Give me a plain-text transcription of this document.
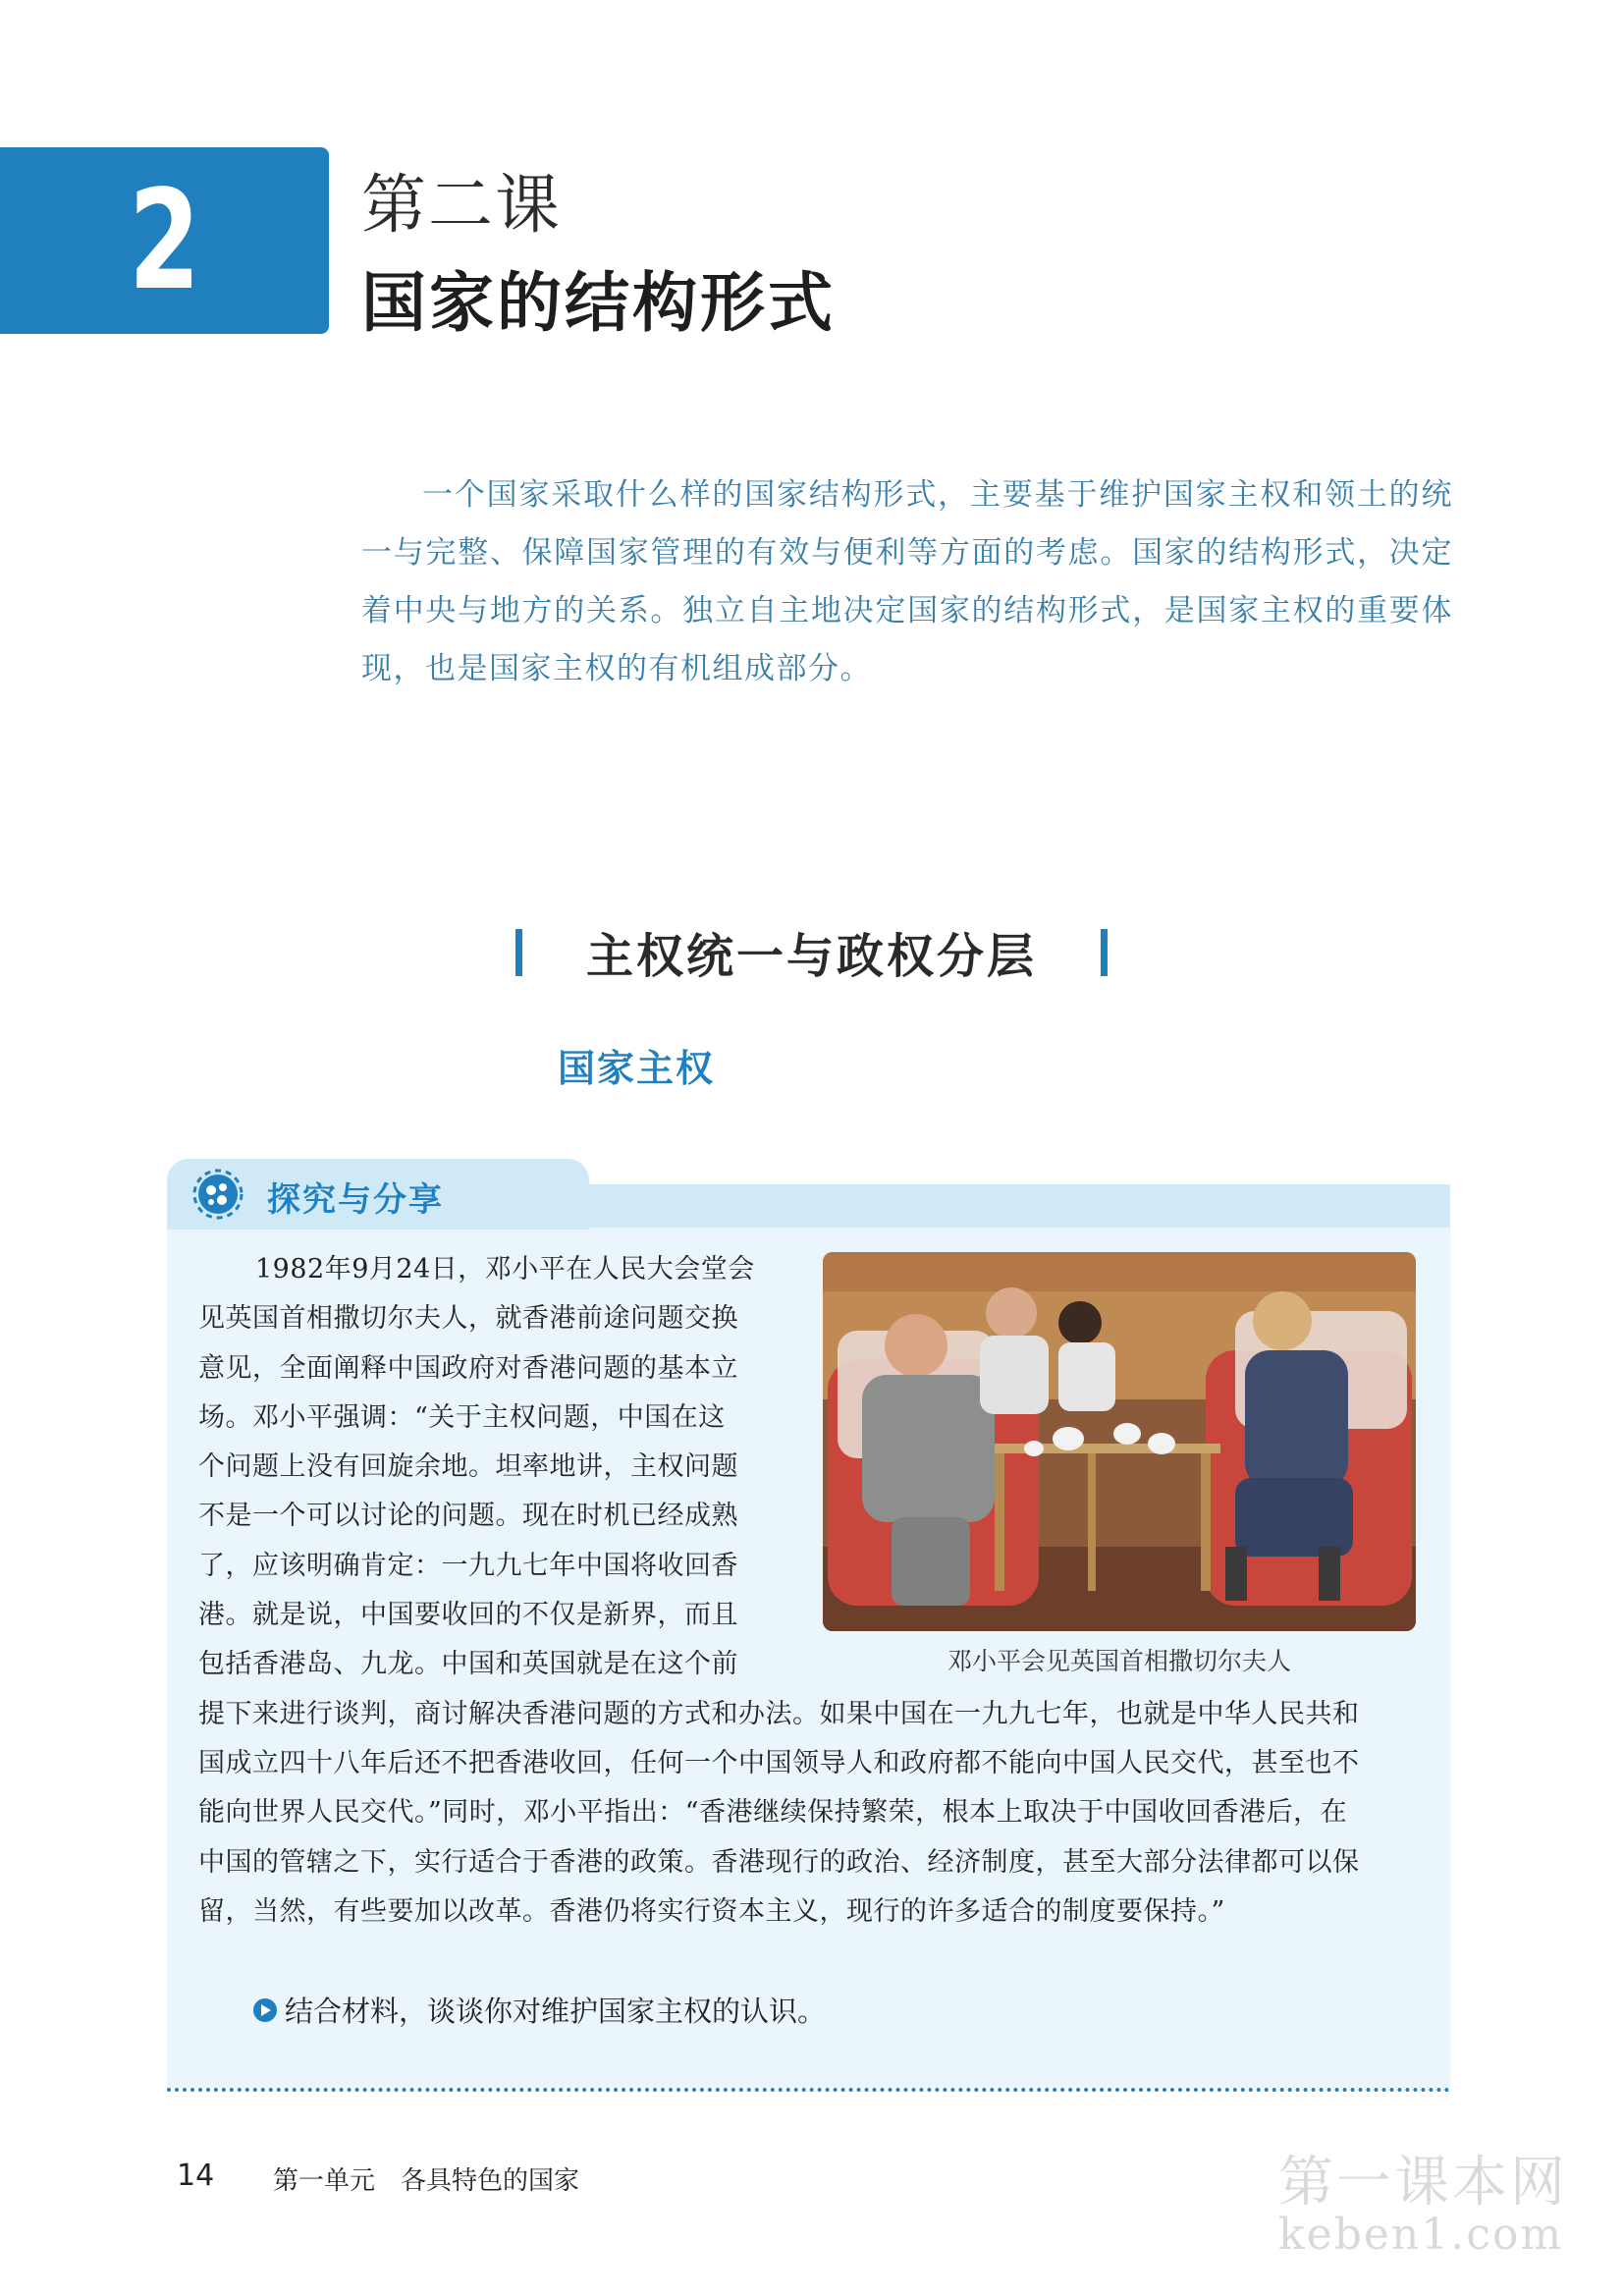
2	第二课
国家的结构形式

一个国家采取什么样的国家结构形式，主要基于维护国家主权和领土的统一与完整、保障国家管理的有效与便利等方面的考虑。国家的结构形式，决定着中央与地方的关系。独立自主地决定国家的结构形式，是国家主权的重要体现，也是国家主权的有机组成部分。

主权统一与政权分层
国家主权
探究与分享
1982年9月24日，邓小平在人民大会堂会
见英国首相撒切尔夫人，就香港前途问题交换
意见，全面阐释中国政府对香港问题的基本立
场。邓小平强调：“关于主权问题，中国在这
个问题上没有回旋余地。坦率地讲，主权问题
不是一个可以讨论的问题。现在时机已经成熟
了，应该明确肯定：一九九七年中国将收回香
港。就是说，中国要收回的不仅是新界，而且
包括香港岛、九龙。中国和英国就是在这个前
提下来进行谈判，商讨解决香港问题的方式和办法。如果中国在一九九七年，也就是中华人民共和
国成立四十八年后还不把香港收回，任何一个中国领导人和政府都不能向中国人民交代，甚至也不
能向世界人民交代。”同时，邓小平指出：“香港继续保持繁荣，根本上取决于中国收回香港后，在
中国的管辖之下，实行适合于香港的政策。香港现行的政治、经济制度，甚至大部分法律都可以保
留，当然，有些要加以改革。香港仍将实行资本主义，现行的许多适合的制度要保持。”
邓小平会见英国首相撒切尔夫人
结合材料，谈谈你对维护国家主权的认识。
14 第一单元　各具特色的国家	第一课本网
keben1.com
